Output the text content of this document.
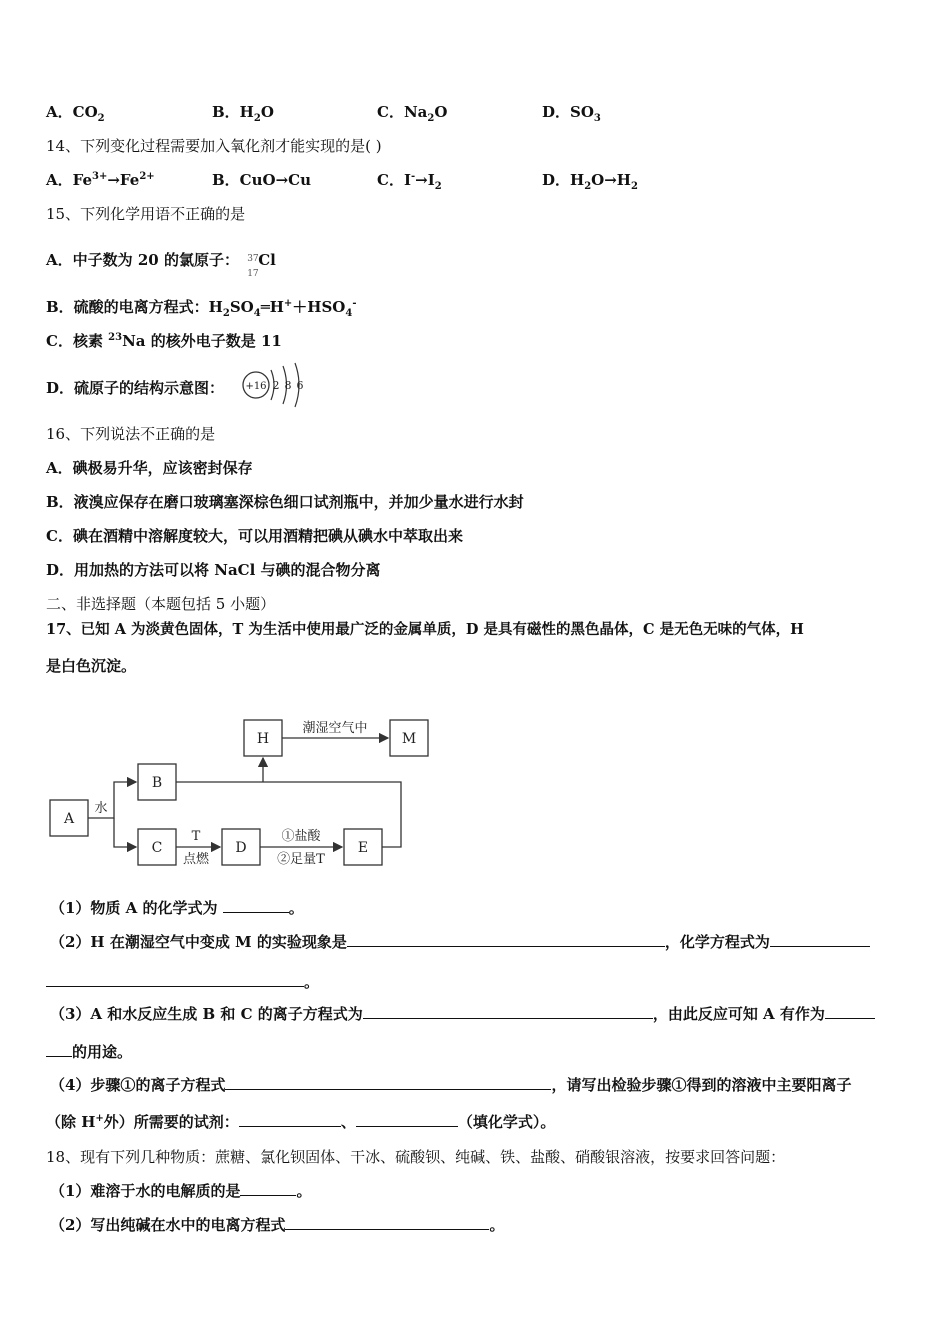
A．$CO_2$	B．$H_2O$	C．$Na_2O$	D．$SO_3$
14、下列变化过程需要加入氧化剂才能实现的是( )
A．$Fe^{3+}\to Fe^{2+}$	B．CuO→Cu	C．$I^-\to I_2$	D．$H_2O\to H_2$
15、下列化学用语不正确的是
A．中子数为 20 的氯原子： 37
17
Cl
B．硫酸的电离方程式：$H_2SO_4═H^++HSO_4^-$
C．核素 $^{23}$Na 的核外电子数是 11
D．硫原子的结构示意图： +16 2 8 6
16、下列说法不正确的是
A．碘极易升华，应该密封保存
B．液溴应保存在磨口玻璃塞深棕色细口试剂瓶中，并加少量水进行水封
C．碘在酒精中溶解度较大，可以用酒精把碘从碘水中萃取出来
D．用加热的方法可以将 NaCl 与碘的混合物分离
二、非选择题（本题包括 5 小题）
17、已知 A 为淡黄色固体，T 为生活中使用最广泛的金属单质，D 是具有磁性的黑色晶体，C 是无色无味的气体，H
是白色沉淀。
A
B
C	D	E
H	M
水
T
点燃
①盐酸
②足量T
潮湿空气中
（1）物质 A 的化学式为	。
（2）H 在潮湿空气中变成 M 的实验现象是	，化学方程式为
。
（3）A 和水反应生成 B 和 C 的离子方程式为	，由此反应可知 A 有作为
的用途。
（4）步骤①的离子方程式	，请写出检验步骤①得到的溶液中主要阳离子
（除 H+外）所需要的试剂：	、	（填化学式）。
18、现有下列几种物质：蔗糖、氯化钡固体、干冰、硫酸钡、纯碱、铁、盐酸、硝酸银溶液，按要求回答问题：
（1）难溶于水的电解质的是	。
（2）写出纯碱在水中的电离方程式	。
